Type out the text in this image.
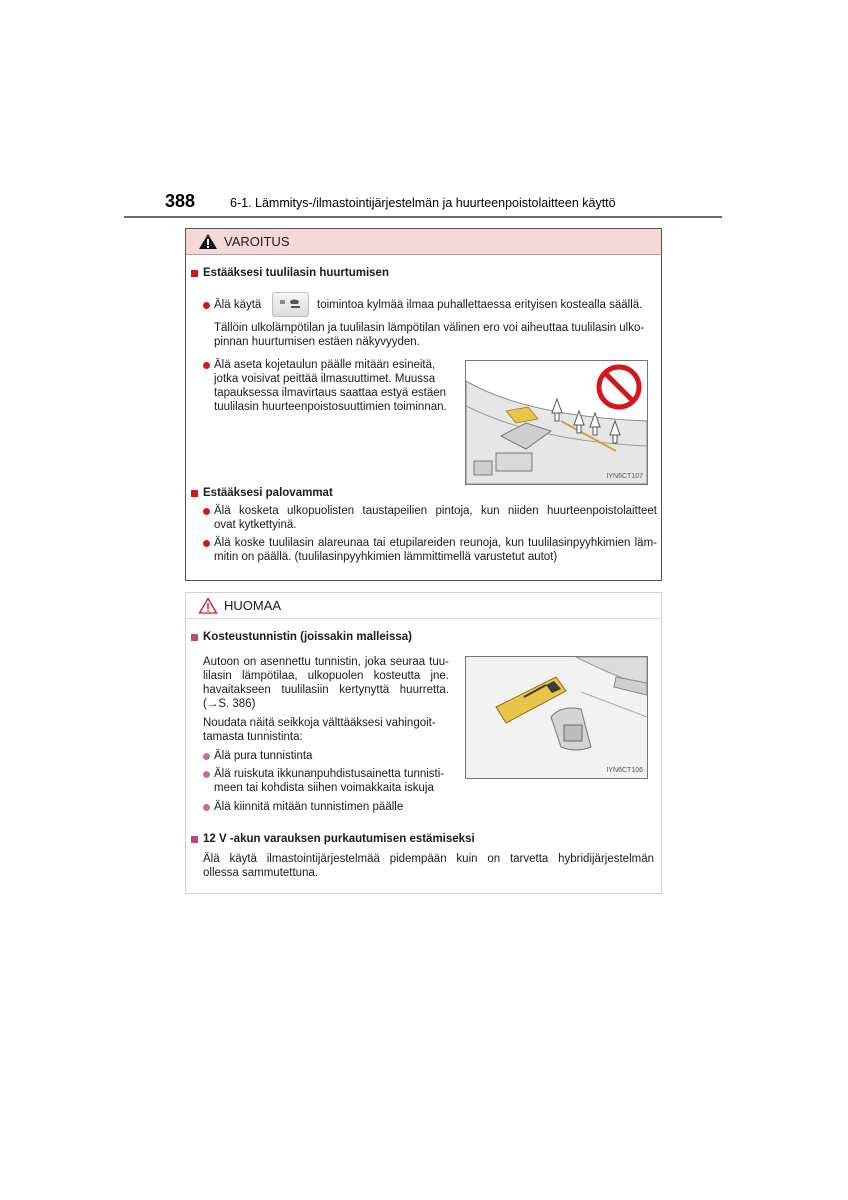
388	6-1. Lämmitys-/ilmastointijärjestelmän ja huurteenpoistolaitteen käyttö
VAROITUS
Estääksesi tuulilasin huurtumisen
Älä käytä	toimintoa kylmää ilmaa puhallettaessa erityisen kostealla säällä.
Tällöin ulkolämpötilan ja tuulilasin lämpötilan välinen ero voi aiheuttaa tuulilasin ulko-
pinnan huurtumisen estäen näkyvyyden.
Älä aseta kojetaulun päälle mitään esineitä,
jotka voisivat peittää ilmasuuttimet. Muussa
tapauksessa ilmavirtaus saattaa estyä estäen
tuulilasin huurteenpoistosuuttimien toiminnan.
IYN6CT107
Estääksesi palovammat
Älä kosketa ulkopuolisten taustapeilien pintoja, kun niiden huurteenpoistolaitteet
ovat kytkettyinä.
Älä koske tuulilasin alareunaa tai etupilareiden reunoja, kun tuulilasinpyyhkimien läm-
mitin on päällä. (tuulilasinpyyhkimien lämmittimellä varustetut autot)
HUOMAA
Kosteustunnistin (joissakin malleissa)
Autoon on asennettu tunnistin, joka seuraa tuu-
lilasin lämpötilaa, ulkopuolen kosteutta jne.
havaitakseen tuulilasiin kertynyttä huurretta.
(→S. 386)
Noudata näitä seikkoja välttääksesi vahingoit-
tamasta tunnistinta:
Älä pura tunnistinta
Älä ruiskuta ikkunanpuhdistusainetta tunnisti-
meen tai kohdista siihen voimakkaita iskuja
Älä kiinnitä mitään tunnistimen päälle
IYN6CT106
12 V -akun varauksen purkautumisen estämiseksi
Älä käytä ilmastointijärjestelmää pidempään kuin on tarvetta hybridijärjestelmän
ollessa sammutettuna.
